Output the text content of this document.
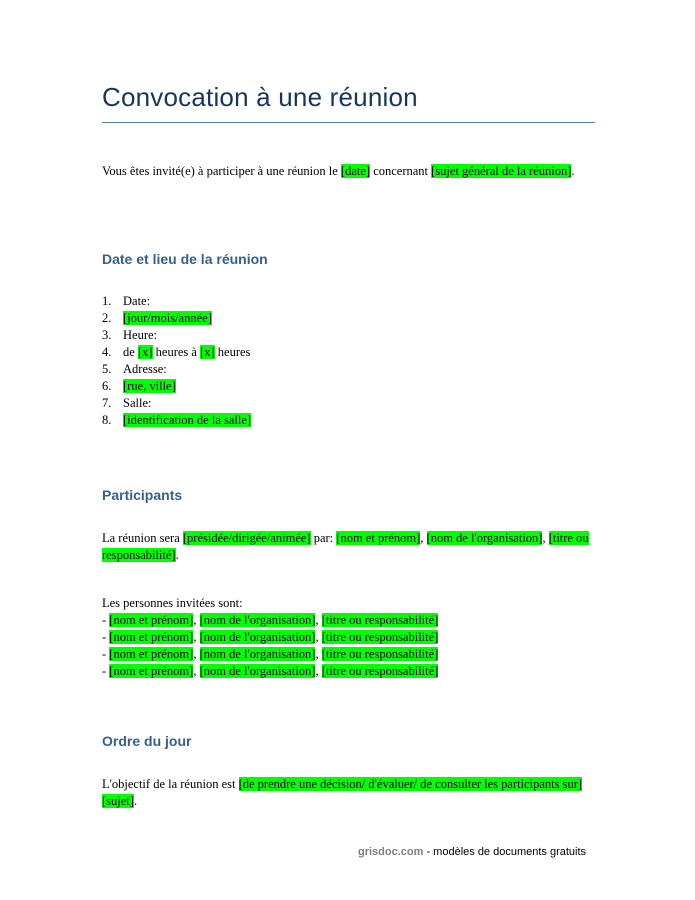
Convocation à une réunion
Vous êtes invité(e) à participer à une réunion le [date] concernant [sujet général de la réunion].
Date et lieu de la réunion
1. Date:
2. [jour/mois/année]
3. Heure:
4. de [x] heures à [x] heures
5. Adresse:
6. [rue, ville]
7. Salle:
8. [identification de la salle]
Participants
La réunion sera [présidée/dirigée/animée] par: [nom et prénom], [nom de l'organisation], [titre ou responsabilité].
Les personnes invitées sont:
- [nom et prénom], [nom de l'organisation], [titre ou responsabilité]
- [nom et prénom], [nom de l'organisation], [titre ou responsabilité]
- [nom et prénom], [nom de l'organisation], [titre ou responsabilité]
- [nom et prénom], [nom de l'organisation], [titre ou responsabilité]
Ordre du jour
L'objectif de la réunion est [de prendre une décision/ d'évaluer/ de consulter les participants sur] [sujet].
grisdoc.com - modèles de documents gratuits
